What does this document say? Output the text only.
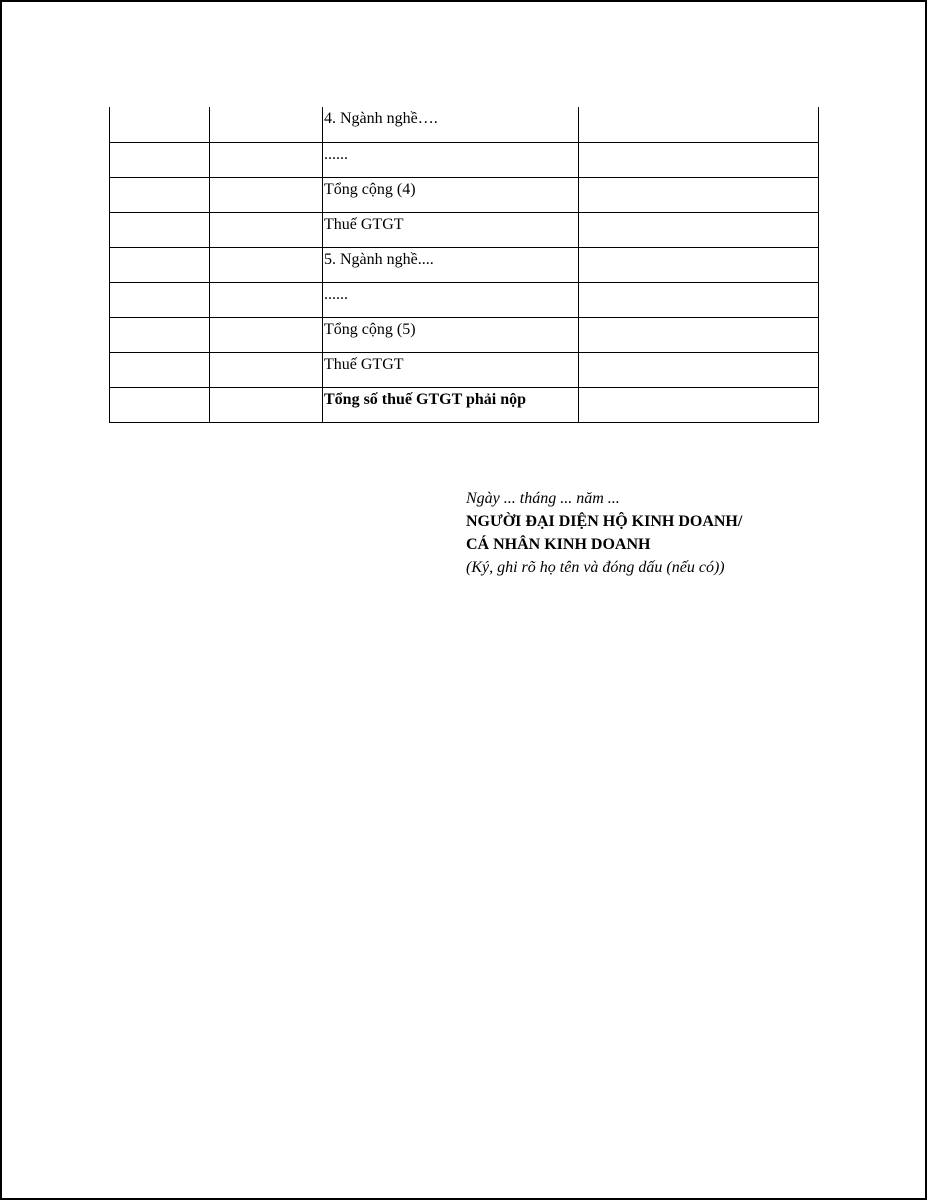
		4. Ngành nghề….	
		......	
		Tổng cộng (4)	
		Thuế GTGT	
		5. Ngành nghề....	
		......	
		Tổng cộng (5)	
		Thuế GTGT	
		Tổng số thuế GTGT phải nộp	
Ngày ... tháng ... năm ...
NGƯỜI ĐẠI DIỆN HỘ KINH DOANH/
CÁ NHÂN KINH DOANH
(Ký, ghi rõ họ tên và đóng dấu (nếu có))
